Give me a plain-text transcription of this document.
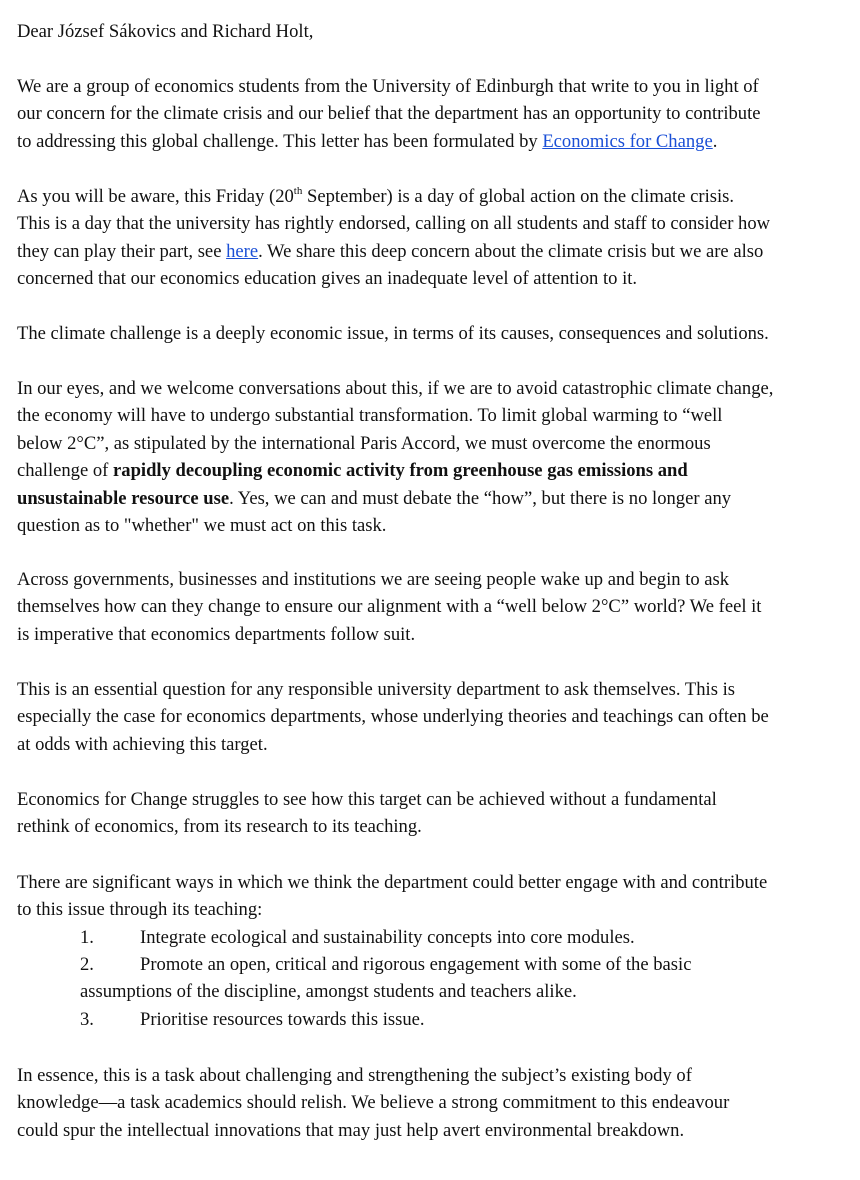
Dear József Sákovics and Richard Holt,

We are a group of economics students from the University of Edinburgh that write to you in light of
our concern for the climate crisis and our belief that the department has an opportunity to contribute
to addressing this global challenge. This letter has been formulated by Economics for Change.

As you will be aware, this Friday (20th September) is a day of global action on the climate crisis.
This is a day that the university has rightly endorsed, calling on all students and staff to consider how
they can play their part, see here. We share this deep concern about the climate crisis but we are also
concerned that our economics education gives an inadequate level of attention to it.

The climate challenge is a deeply economic issue, in terms of its causes, consequences and solutions.

In our eyes, and we welcome conversations about this, if we are to avoid catastrophic climate change,
the economy will have to undergo substantial transformation. To limit global warming to “well
below 2°C”, as stipulated by the international Paris Accord, we must overcome the enormous
challenge of rapidly decoupling economic activity from greenhouse gas emissions and
unsustainable resource use. Yes, we can and must debate the “how”, but there is no longer any
question as to "whether" we must act on this task.

Across governments, businesses and institutions we are seeing people wake up and begin to ask
themselves how can they change to ensure our alignment with a “well below 2°C” world? We feel it
is imperative that economics departments follow suit.

This is an essential question for any responsible university department to ask themselves. This is
especially the case for economics departments, whose underlying theories and teachings can often be
at odds with achieving this target.

Economics for Change struggles to see how this target can be achieved without a fundamental
rethink of economics, from its research to its teaching.

There are significant ways in which we think the department could better engage with and contribute
to this issue through its teaching:

1. Integrate ecological and sustainability concepts into core modules.
2. Promote an open, critical and rigorous engagement with some of the basic
assumptions of the discipline, amongst students and teachers alike.
3. Prioritise resources towards this issue.

In essence, this is a task about challenging and strengthening the subject’s existing body of
knowledge—a task academics should relish. We believe a strong commitment to this endeavour
could spur the intellectual innovations that may just help avert environmental breakdown.
